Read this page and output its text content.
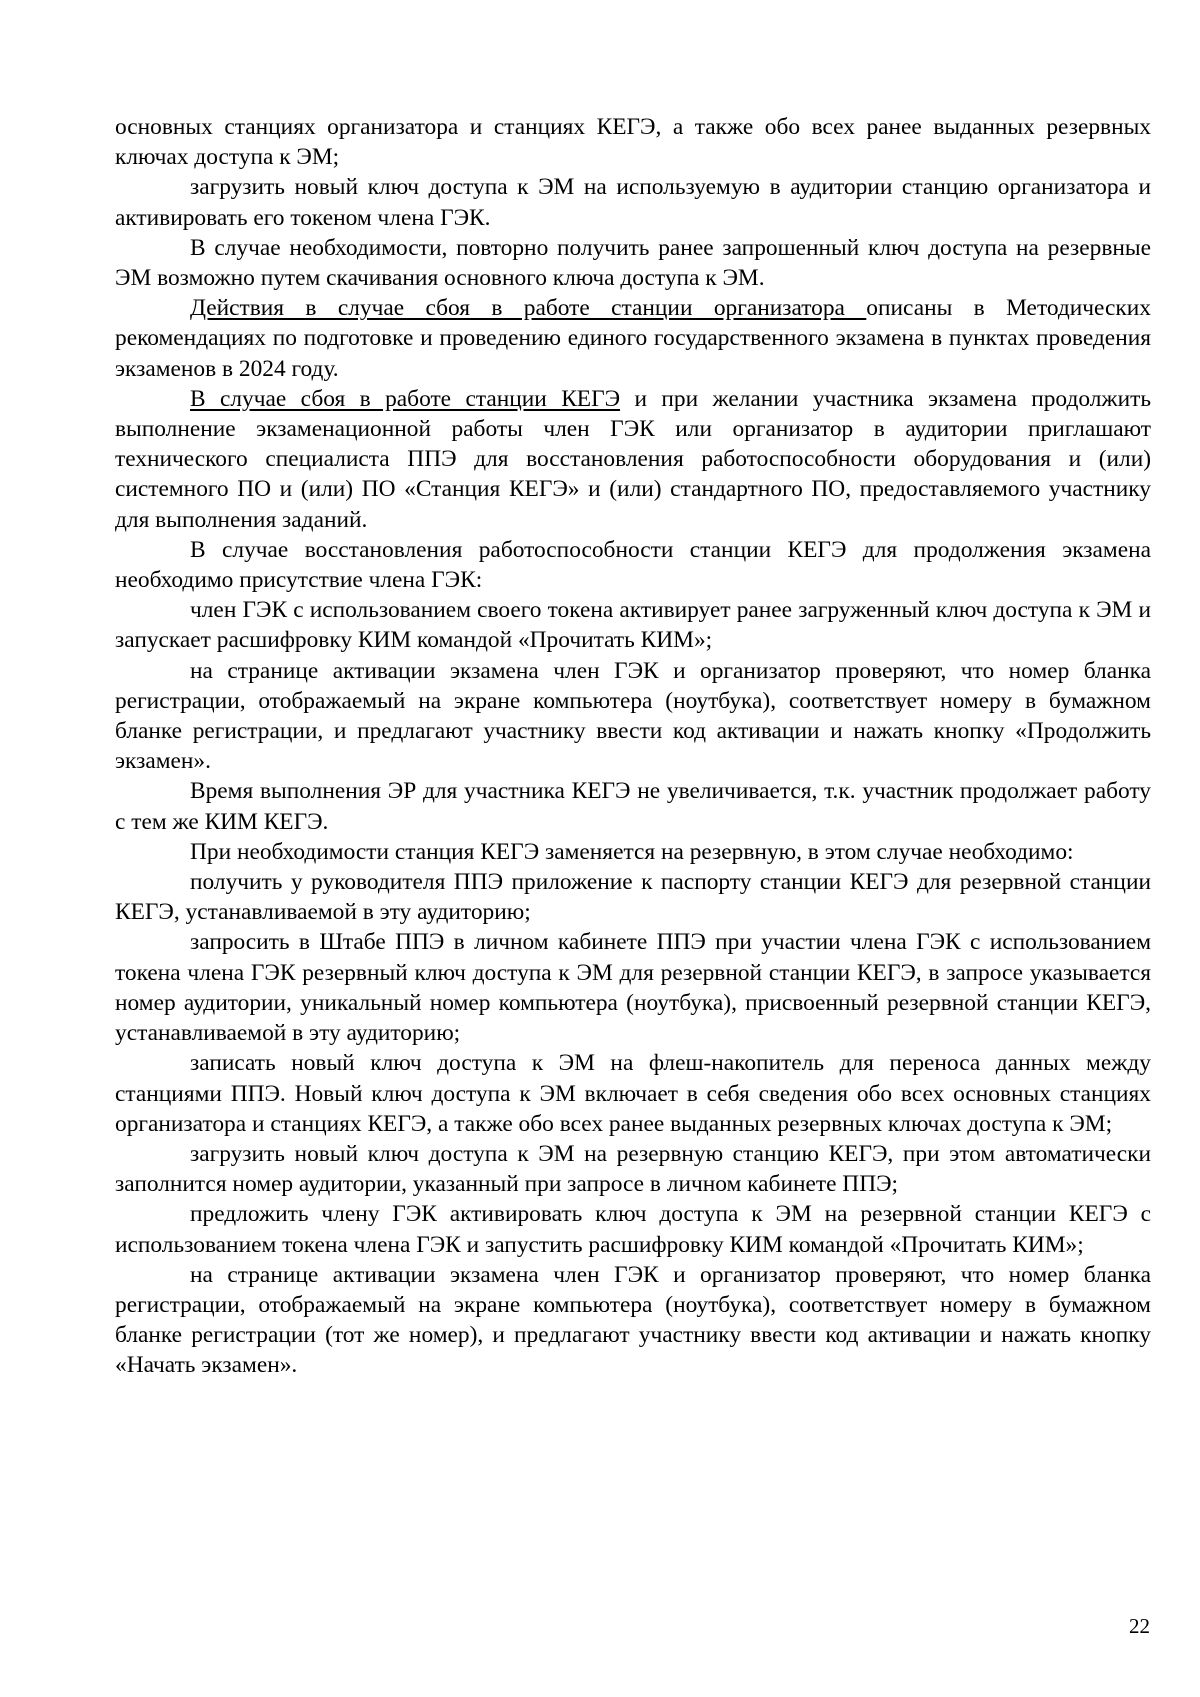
основных станциях организатора и станциях КЕГЭ, а также обо всех ранее выданных резервных ключах доступа к ЭМ;

загрузить новый ключ доступа к ЭМ на используемую в аудитории станцию организатора и активировать его токеном члена ГЭК.

В случае необходимости, повторно получить ранее запрошенный ключ доступа на резервные ЭМ возможно путем скачивания основного ключа доступа к ЭМ.

Действия в случае сбоя в работе станции организатора описаны в Методических рекомендациях по подготовке и проведению единого государственного экзамена в пунктах проведения экзаменов в 2024 году.

В случае сбоя в работе станции КЕГЭ и при желании участника экзамена продолжить выполнение экзаменационной работы член ГЭК или организатор в аудитории приглашают технического специалиста ППЭ для восстановления работоспособности оборудования и (или) системного ПО и (или) ПО «Станция КЕГЭ» и (или) стандартного ПО, предоставляемого участнику для выполнения заданий.

В случае восстановления работоспособности станции КЕГЭ для продолжения экзамена необходимо присутствие члена ГЭК:

член ГЭК с использованием своего токена активирует ранее загруженный ключ доступа к ЭМ и запускает расшифровку КИМ командой «Прочитать КИМ»;

на странице активации экзамена член ГЭК и организатор проверяют, что номер бланка регистрации, отображаемый на экране компьютера (ноутбука), соответствует номеру в бумажном бланке регистрации, и предлагают участнику ввести код активации и нажать кнопку «Продолжить экзамен».

Время выполнения ЭР для участника КЕГЭ не увеличивается, т.к. участник продолжает работу с тем же КИМ КЕГЭ.

При необходимости станция КЕГЭ заменяется на резервную, в этом случае необходимо:

получить у руководителя ППЭ приложение к паспорту станции КЕГЭ для резервной станции КЕГЭ, устанавливаемой в эту аудиторию;

запросить в Штабе ППЭ в личном кабинете ППЭ при участии члена ГЭК с использованием токена члена ГЭК резервный ключ доступа к ЭМ для резервной станции КЕГЭ, в запросе указывается номер аудитории, уникальный номер компьютера (ноутбука), присвоенный резервной станции КЕГЭ, устанавливаемой в эту аудиторию;

записать новый ключ доступа к ЭМ на флеш-накопитель для переноса данных между станциями ППЭ. Новый ключ доступа к ЭМ включает в себя сведения обо всех основных станциях организатора и станциях КЕГЭ, а также обо всех ранее выданных резервных ключах доступа к ЭМ;

загрузить новый ключ доступа к ЭМ на резервную станцию КЕГЭ, при этом автоматически заполнится номер аудитории, указанный при запросе в личном кабинете ППЭ;

предложить члену ГЭК активировать ключ доступа к ЭМ на резервной станции КЕГЭ с использованием токена члена ГЭК и запустить расшифровку КИМ командой «Прочитать КИМ»;

на странице активации экзамена член ГЭК и организатор проверяют, что номер бланка регистрации, отображаемый на экране компьютера (ноутбука), соответствует номеру в бумажном бланке регистрации (тот же номер), и предлагают участнику ввести код активации и нажать кнопку «Начать экзамен».

22
